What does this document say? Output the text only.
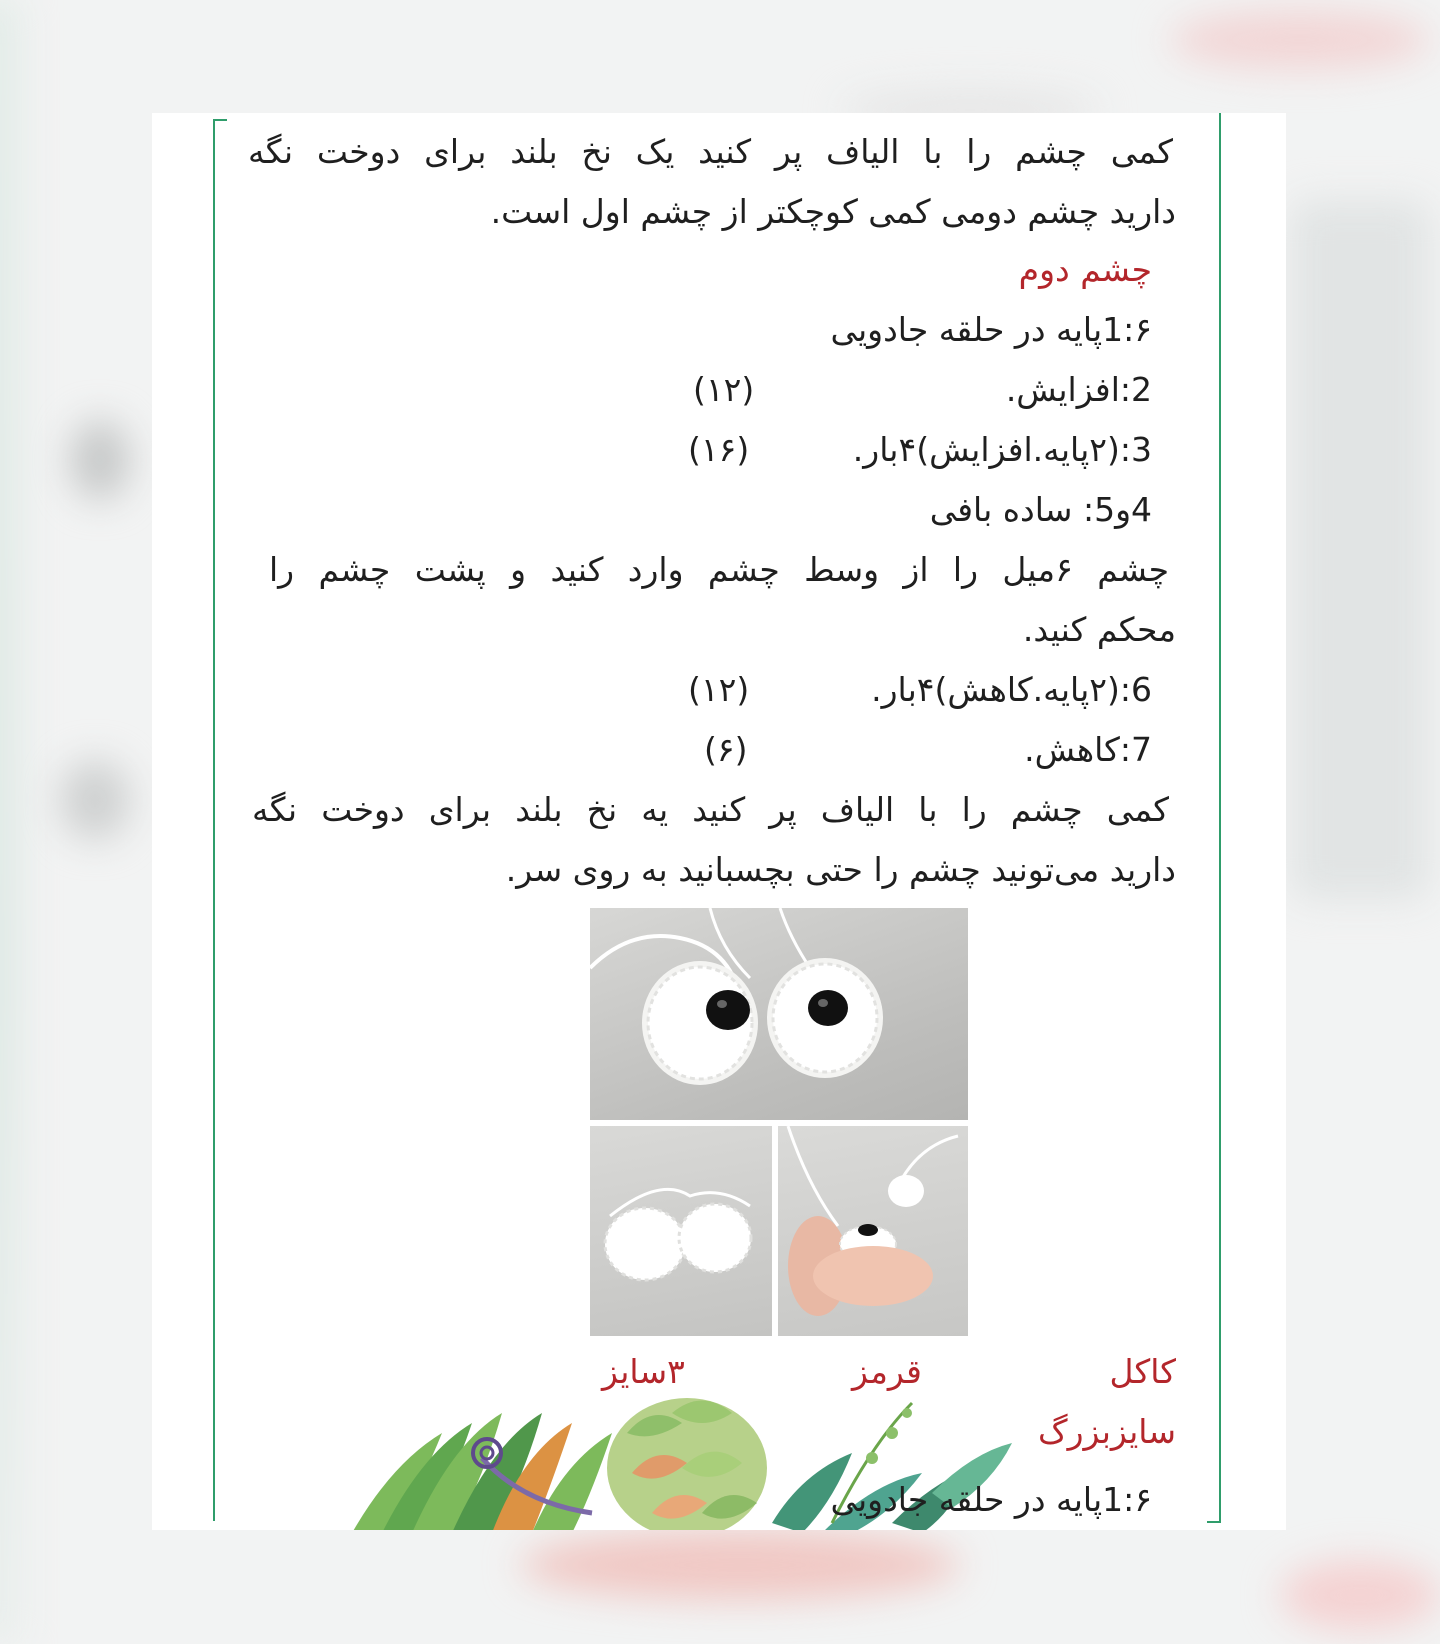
کمی چشم را با الیاف پر کنید یک نخ بلند برای دوخت نگه
دارید چشم دومی کمی کوچکتر از چشم اول است.
چشم دوم
1:۶پایه در حلقه جادویی
2:افزایش.
(۱۲)
3:(۲پایه.افزایش)۴بار.
(۱۶)
4و5: ساده بافی
چشم ۶میل را از وسط چشم وارد کنید و پشت چشم را
محکم کنید.
6:(۲پایه.کاهش)۴بار.
(۱۲)
7:کاهش.
(۶)
کمی چشم را با الیاف پر کنید یه نخ بلند برای دوخت نگه
دارید می‌تونید چشم را حتی بچسبانید به روی سر.
کاکل
قرمز
۳سایز
سایزبزرگ
1:۶پایه در حلقه جادویی
